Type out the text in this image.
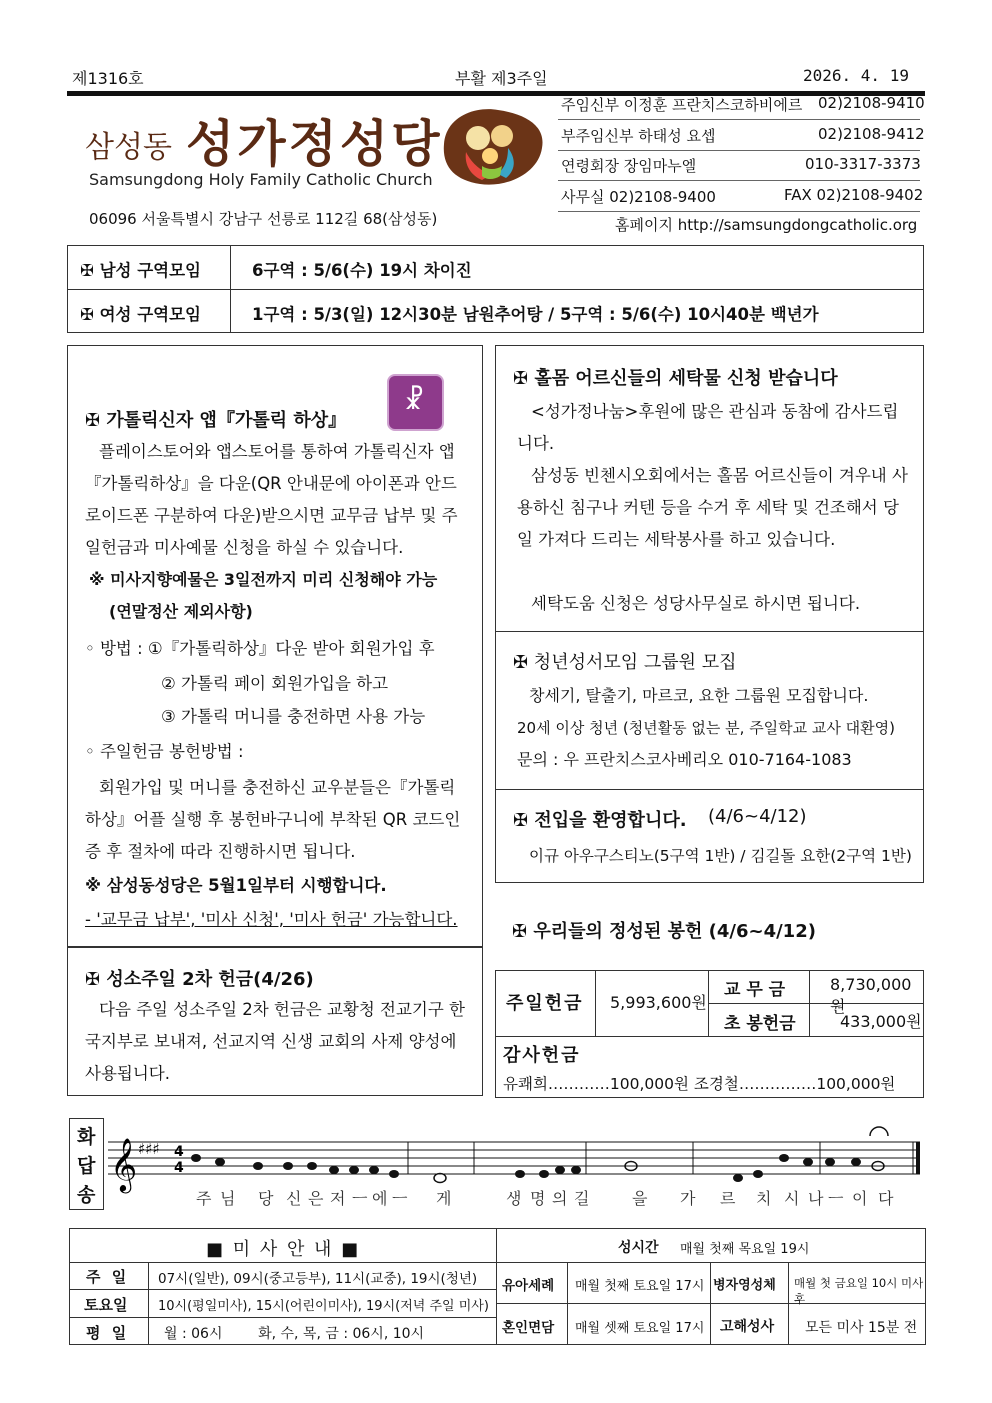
제1316호	부활 제3주일	2026. 4. 19
삼성동 성가정성당
Samsungdong Holy Family Catholic Church
06096 서울특별시 강남구 선릉로 112길 68(삼성동)
주임신부 이정훈 프란치스코하비에르 02)2108-9410
부주임신부 하태성 요셉	02)2108-9412
연령회장 장임마누엘	010-3317-3373
사무실 02)2108-9400	FAX 02)2108-9402
홈페이지 http://samsungdongcatholic.org
✠ 남성 구역모임	6구역 : 5/6(수) 19시 차이진
✠ 여성 구역모임	1구역 : 5/3(일) 12시30분 남원추어탕 / 5구역 : 5/6(수) 10시40분 백년가
✠ 가톨릭신자 앱『가톨릭 하상』
☧
플레이스토어와 앱스토어를 통하여 가톨릭신자 앱『가톨릭하상』을 다운(QR 안내문에 아이폰과 안드로이드폰 구분하여 다운)받으시면 교무금 납부 및 주일헌금과 미사예물 신청을 하실 수 있습니다.
※ 미사지향예물은 3일전까지 미리 신청해야 가능
(연말정산 제외사항)
◦ 방법 : ①『가톨릭하상』다운 받아 회원가입 후
② 가톨릭 페이 회원가입을 하고
③ 가톨릭 머니를 충전하면 사용 가능
◦ 주일헌금 봉헌방법 :
회원가입 및 머니를 충전하신 교우분들은『가톨릭하상』어플 실행 후 봉헌바구니에 부착된 QR 코드인증 후 절차에 따라 진행하시면 됩니다.
※ 삼성동성당은 5월1일부터 시행합니다.
- '교무금 납부', '미사 신청', '미사 헌금' 가능합니다.
✠ 성소주일 2차 헌금(4/26)
다음 주일 성소주일 2차 헌금은 교황청 전교기구 한국지부로 보내져, 선교지역 신생 교회의 사제 양성에 사용됩니다.
✠ 홀몸 어르신들의 세탁물 신청 받습니다
<성가정나눔>후원에 많은 관심과 동참에 감사드립니다.
삼성동 빈첸시오회에서는 홀몸 어르신들이 겨우내 사용하신 침구나 커텐 등을 수거 후 세탁 및 건조해서 당일 가져다 드리는 세탁봉사를 하고 있습니다.
세탁도움 신청은 성당사무실로 하시면 됩니다.
✠ 청년성서모임 그룹원 모집
창세기, 탈출기, 마르코, 요한 그룹원 모집합니다.
20세 이상 청년 (청년활동 없는 분, 주일학교 교사 대환영)
문의 : 우 프란치스코사베리오 010-7164-1083
✠ 전입을 환영합니다. (4/6~4/12)
이규 아우구스티노(5구역 1반) / 김길돌 요한(2구역 1반)
✠ 우리들의 정성된 봉헌 (4/6~4/12)
주일헌금 5,993,600원
교 무 금	8,730,000원
초 봉헌금	433,000원
감사헌금
유쾌희…………100,000원 조경철……………100,000원
화
답
송
𝄞 ♯♯♯ 4
4
주 님 당 신 은 저 ㅡ 에 ㅡ 게	생 명 의 길	을 가 르 치 시 나 ㅡ 이 다
■ 미 사 안 내 ■
주 일 07시(일반), 09시(중고등부), 11시(교중), 19시(청년)
토요일 10시(평일미사), 15시(어린이미사), 19시(저녁 주일 미사)
평 일 월 : 06시        화, 수, 목, 금 : 06시, 10시
성시간 매월 첫째 목요일 19시
유아세례 매월 첫째 토요일 17시 병자영성체 매월 첫 금요일 10시 미사 후
혼인면담 매월 셋째 토요일 17시 고해성사 모든 미사 15분 전
